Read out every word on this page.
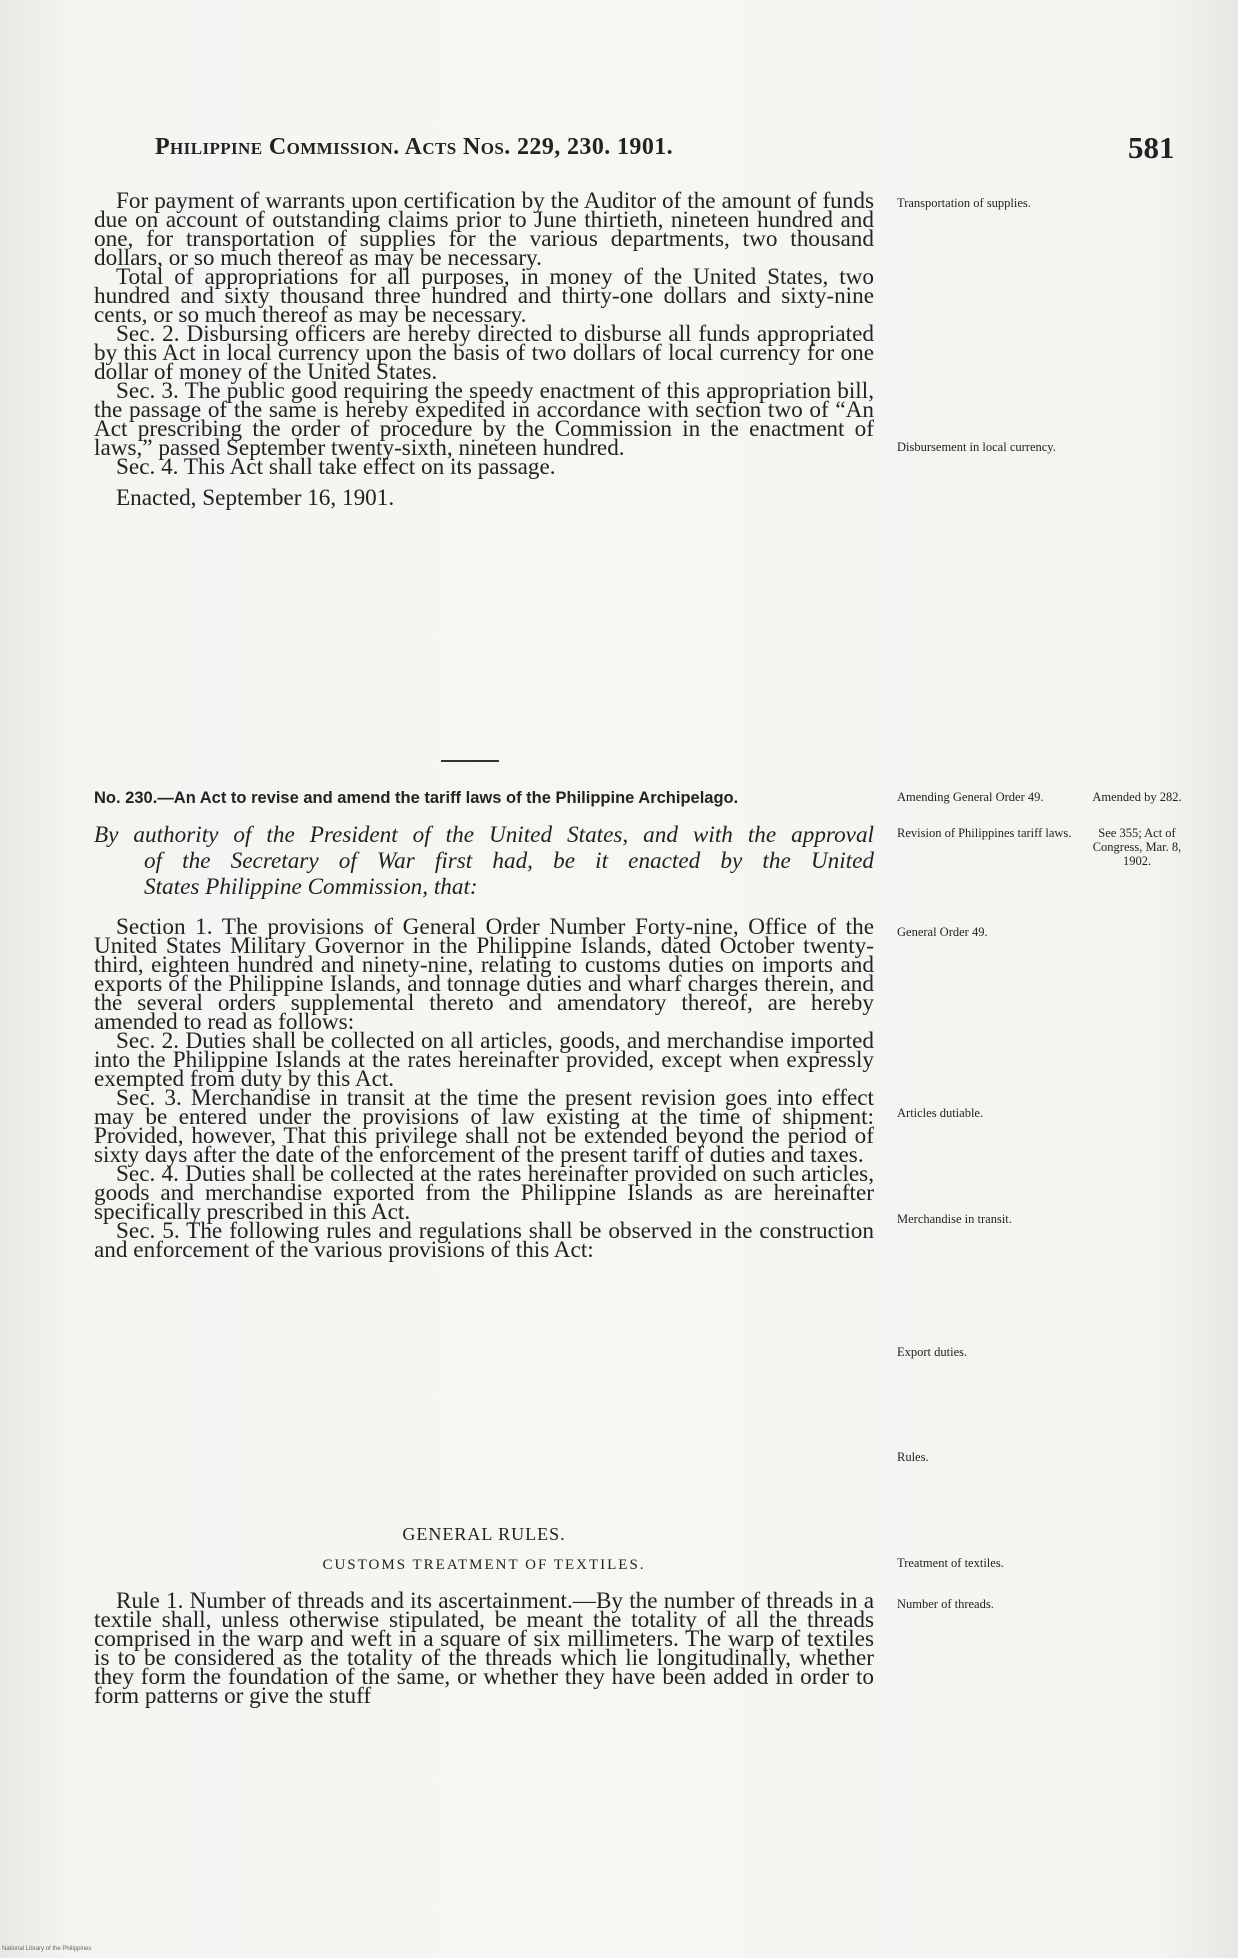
Philippine Commission. Acts Nos. 229, 230. 1901.	581

For payment of warrants upon certification by the Auditor of the amount of funds due on account of outstanding claims prior to June thirtieth, nineteen hundred and one, for transportation of supplies for the various departments, two thousand dollars, or so much thereof as may be necessary.

Total of appropriations for all purposes, in money of the United States, two hundred and sixty thousand three hundred and thirty-one dollars and sixty-nine cents, or so much thereof as may be necessary.

Sec. 2. Disbursing officers are hereby directed to disburse all funds appropriated by this Act in local currency upon the basis of two dollars of local currency for one dollar of money of the United States.

Sec. 3. The public good requiring the speedy enactment of this appropriation bill, the passage of the same is hereby expedited in accordance with section two of “An Act prescribing the order of procedure by the Commission in the enactment of laws,” passed September twenty-sixth, nineteen hundred.

Sec. 4. This Act shall take effect on its passage.

Enacted, September 16, 1901.

No. 230.—An Act to revise and amend the tariff laws of the Philippine Archipelago.
By authority of the President of the United States, and with the approval
of the Secretary of War first had, be it enacted by the United
States Philippine Commission, that:

Section 1. The provisions of General Order Number Forty-nine, Office of the United States Military Governor in the Philippine Islands, dated October twenty-third, eighteen hundred and ninety-nine, relating to customs duties on imports and exports of the Philippine Islands, and tonnage duties and wharf charges therein, and the several orders supplemental thereto and amendatory thereof, are hereby amended to read as follows:

Sec. 2. Duties shall be collected on all articles, goods, and merchandise imported into the Philippine Islands at the rates hereinafter provided, except when expressly exempted from duty by this Act.

Sec. 3. Merchandise in transit at the time the present revision goes into effect may be entered under the provisions of law existing at the time of shipment: Provided, however, That this privilege shall not be extended beyond the period of sixty days after the date of the enforcement of the present tariff of duties and taxes.

Sec. 4. Duties shall be collected at the rates hereinafter provided on such articles, goods and merchandise exported from the Philippine Islands as are hereinafter specifically prescribed in this Act.

Sec. 5. The following rules and regulations shall be observed in the construction and enforcement of the various provisions of this Act:

GENERAL RULES.
CUSTOMS TREATMENT OF TEXTILES.

Rule 1. Number of threads and its ascertainment.—By the number of threads in a textile shall, unless otherwise stipulated, be meant the totality of all the threads comprised in the warp and weft in a square of six millimeters. The warp of textiles is to be considered as the totality of the threads which lie longitudinally, whether they form the foundation of the same, or whether they have been added in order to form patterns or give the stuff

Transportation of supplies.
Disbursement in local currency.
Amending General Order 49.
Revision of Philippines tariff laws.
Amended by 282.
See 355; Act of Congress, Mar. 8, 1902.
General Order 49.
Articles dutiable.
Merchandise in transit.
Export duties.
Rules.
Treatment of textiles.
Number of threads.
National Library of the Philippines
